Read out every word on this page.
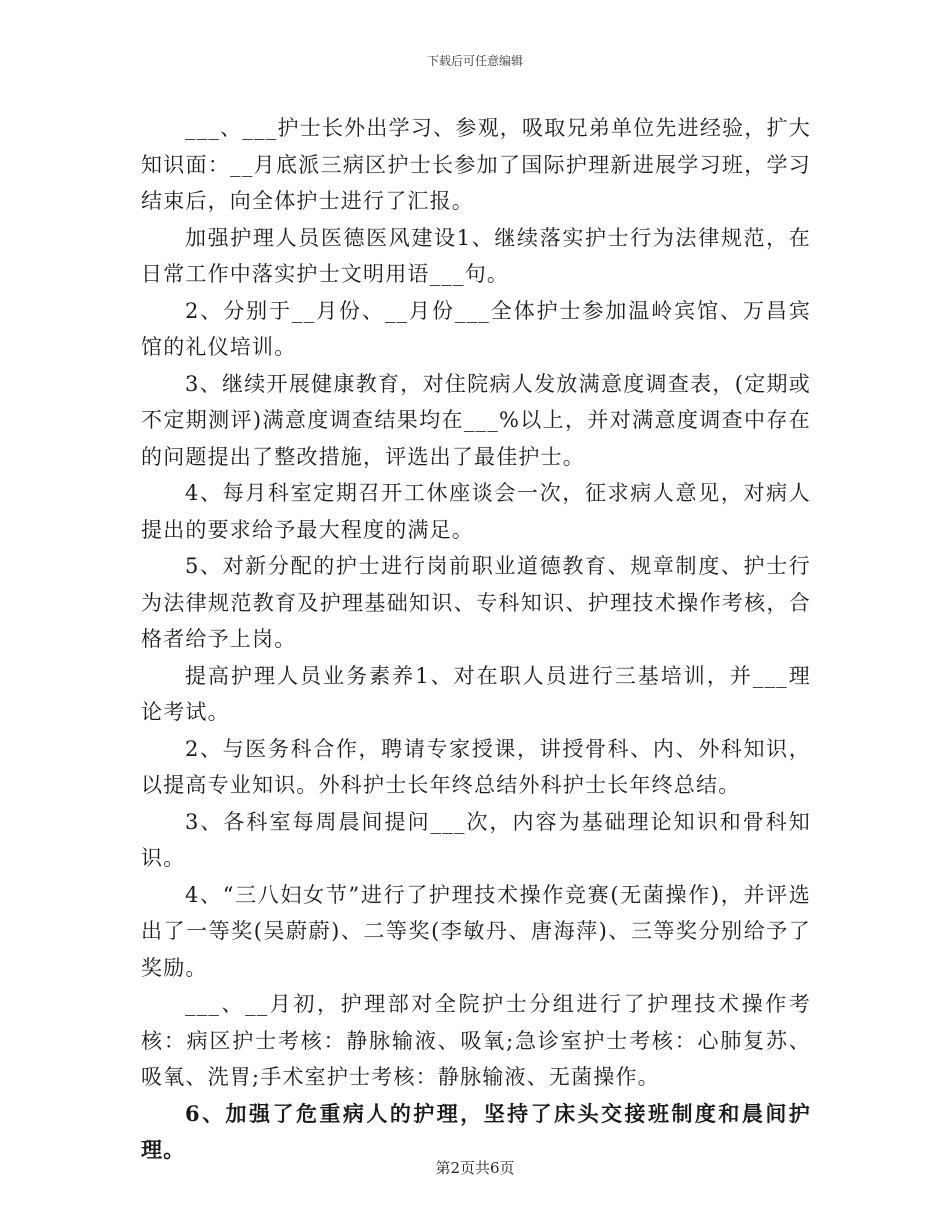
下载后可任意编辑

___、___护士长外出学习、参观，吸取兄弟单位先进经验，扩大知识面：__月底派三病区护士长参加了国际护理新进展学习班，学习结束后，向全体护士进行了汇报。

加强护理人员医德医风建设1、继续落实护士行为法律规范，在日常工作中落实护士文明用语___句。

2、分别于__月份、__月份___全体护士参加温岭宾馆、万昌宾馆的礼仪培训。

3、继续开展健康教育，对住院病人发放满意度调查表，(定期或不定期测评)满意度调查结果均在___%以上，并对满意度调查中存在的问题提出了整改措施，评选出了最佳护士。

4、每月科室定期召开工休座谈会一次，征求病人意见，对病人提出的要求给予最大程度的满足。

5、对新分配的护士进行岗前职业道德教育、规章制度、护士行为法律规范教育及护理基础知识、专科知识、护理技术操作考核，合格者给予上岗。

提高护理人员业务素养1、对在职人员进行三基培训，并___理论考试。

2、与医务科合作，聘请专家授课，讲授骨科、内、外科知识，以提高专业知识。外科护士长年终总结外科护士长年终总结。

3、各科室每周晨间提问___次，内容为基础理论知识和骨科知识。

4、“三八妇女节”进行了护理技术操作竞赛(无菌操作)，并评选出了一等奖(吴蔚蔚)、二等奖(李敏丹、唐海萍)、三等奖分别给予了奖励。

___、__月初，护理部对全院护士分组进行了护理技术操作考核：病区护士考核：静脉输液、吸氧;急诊室护士考核：心肺复苏、吸氧、洗胃;手术室护士考核：静脉输液、无菌操作。

6、加强了危重病人的护理，坚持了床头交接班制度和晨间护理。

第2页共6页
